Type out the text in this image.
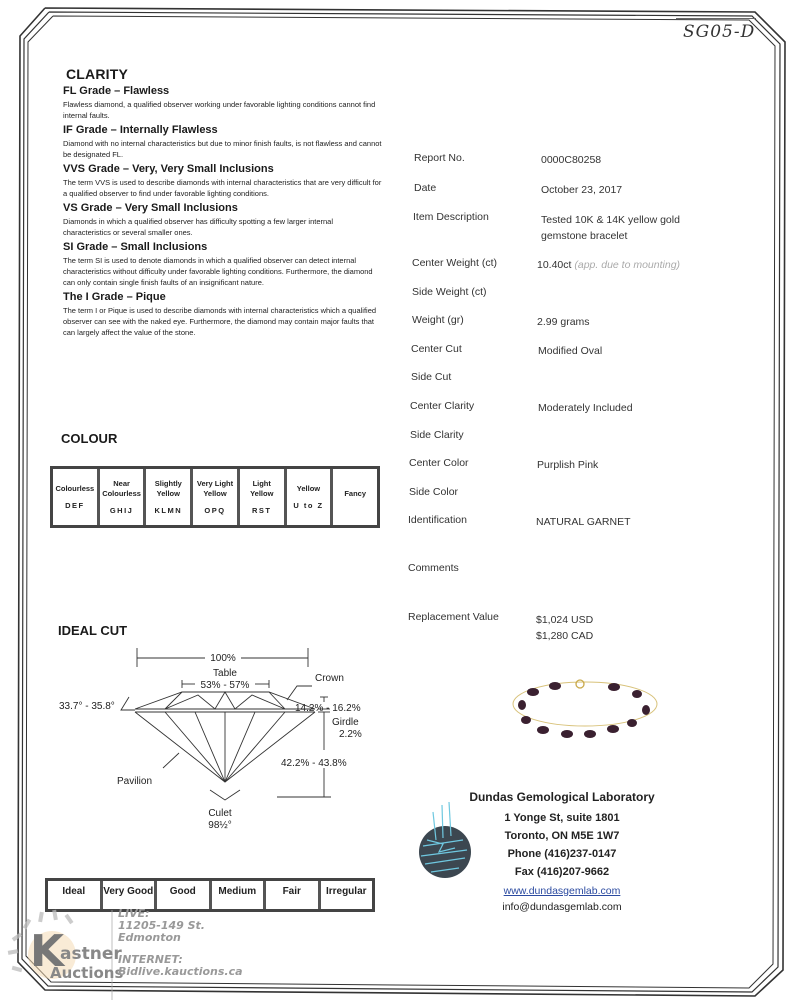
SG05-D
CLARITY
FL Grade – Flawless
Flawless diamond, a qualified observer working under favorable lighting conditions cannot find internal faults.
IF Grade – Internally Flawless
Diamond with no internal characteristics but due to minor finish faults, is not flawless and cannot be designated FL.
VVS Grade – Very, Very Small Inclusions
The term VVS is used to describe diamonds with internal characteristics that are very difficult for a qualified observer to find under favorable lighting conditions.
VS Grade – Very Small Inclusions
Diamonds in which a qualified observer has difficulty spotting a few larger internal characteristics or several smaller ones.
SI Grade – Small Inclusions
The term SI is used to denote diamonds in which a qualified observer can detect internal characteristics without difficulty under favorable lighting conditions. Furthermore, the diamond can only contain single finish faults of an insignificant nature.
The I Grade – Pique
The term I or Pique is used to describe diamonds with internal characteristics which a qualified observer can see with the naked eye. Furthermore, the diamond may contain major faults that can largely affect the value of the stone.
COLOUR
Colourless
DEF
Near Colourless
GHIJ
Slightly Yellow
KLMN
Very Light Yellow
OPQ
Light Yellow
RST
Yellow
U to Z
Fancy
IDEAL CUT
100%
Table
53% - 57%
Crown
33.7° - 35.8°	14.2% - 16.2%
Girdle
2.2%
42.2% - 43.8%
Pavilion
Culet
98½°
Ideal	Very Good	Good	Medium	Fair	Irregular
Report No.	0000C80258
Date	October 23, 2017
Item Description	Tested 10K & 14K yellow gold
gemstone bracelet
Center Weight (ct)	10.40ct (app. due to mounting)
Side Weight (ct)
Weight (gr)	2.99 grams
Center Cut	Modified Oval
Side Cut
Center Clarity	Moderately Included
Side Clarity
Center Color	Purplish Pink
Side Color
Identification	NATURAL GARNET
Comments
Replacement Value	$1,024 USD
$1,280 CAD
Dundas Gemological Laboratory
1 Yonge St, suite 1801
Toronto, ON M5E 1W7
Phone (416)237-0147
Fax (416)207-9662
www.dundasgemlab.com
info@dundasgemlab.com
K
astner
Auctions
LIVE:
11205-149 St.
Edmonton
INTERNET:
Bidlive.kauctions.ca
